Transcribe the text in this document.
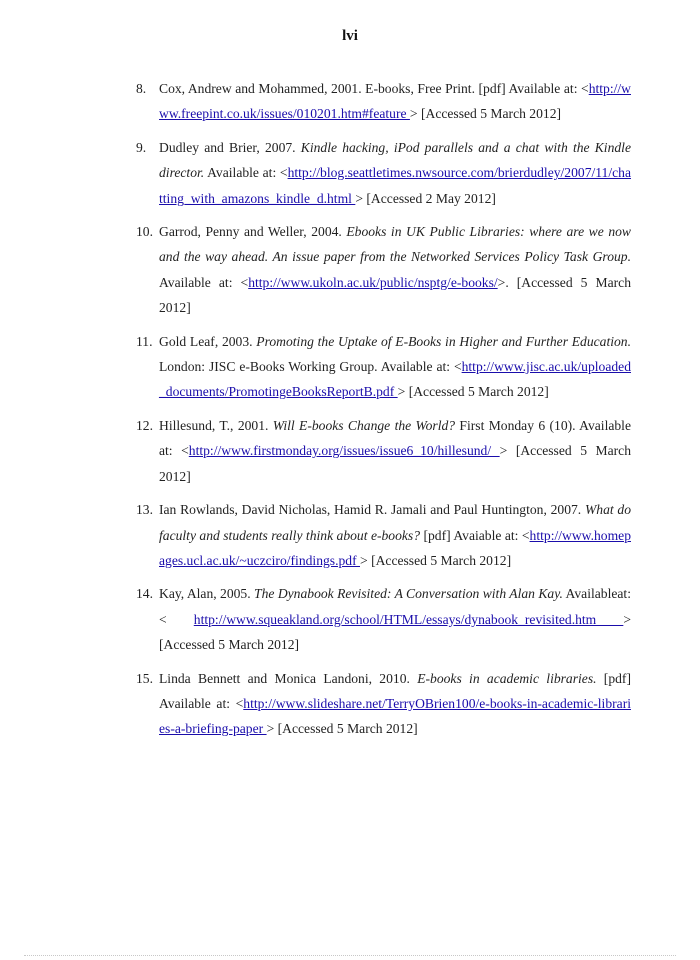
lvi
8. Cox, Andrew and Mohammed, 2001. E-books, Free Print. [pdf] Available at: <http://www.freepint.co.uk/issues/010201.htm#feature > [Accessed 5 March 2012]
9. Dudley and Brier, 2007. Kindle hacking, iPod parallels and a chat with the Kindle director. Available at: <http://blog.seattletimes.nwsource.com/brierdudley/2007/11/chatting_with_amazons_kindle_d.html > [Accessed 2 May 2012]
10. Garrod, Penny and Weller, 2004. Ebooks in UK Public Libraries: where are we now and the way ahead. An issue paper from the Networked Services Policy Task Group. Available at: <http://www.ukoln.ac.uk/public/nsptg/e-books/>. [Accessed 5 March 2012]
11. Gold Leaf, 2003. Promoting the Uptake of E-Books in Higher and Further Education. London: JISC e-Books Working Group. Available at: <http://www.jisc.ac.uk/uploaded_documents/PromotingeBooksReportB.pdf > [Accessed 5 March 2012]
12. Hillesund, T., 2001. Will E-books Change the World? First Monday 6 (10). Available at: <http://www.firstmonday.org/issues/issue6_10/hillesund/ > [Accessed 5 March 2012]
13. Ian Rowlands, David Nicholas, Hamid R. Jamali and Paul Huntington, 2007. What do faculty and students really think about e-books? [pdf] Avaiable at: <http://www.homepages.ucl.ac.uk/~uczciro/findings.pdf > [Accessed 5 March 2012]
14. Kay, Alan, 2005. The Dynabook Revisited: A Conversation with Alan Kay. Availableat:< http://www.squeakland.org/school/HTML/essays/dynabook_revisited.htm > [Accessed 5 March 2012]
15. Linda Bennett and Monica Landoni, 2010. E-books in academic libraries. [pdf] Available at: <http://www.slideshare.net/TerryOBrien100/e-books-in-academic-libraries-a-briefing-paper > [Accessed 5 March 2012]
